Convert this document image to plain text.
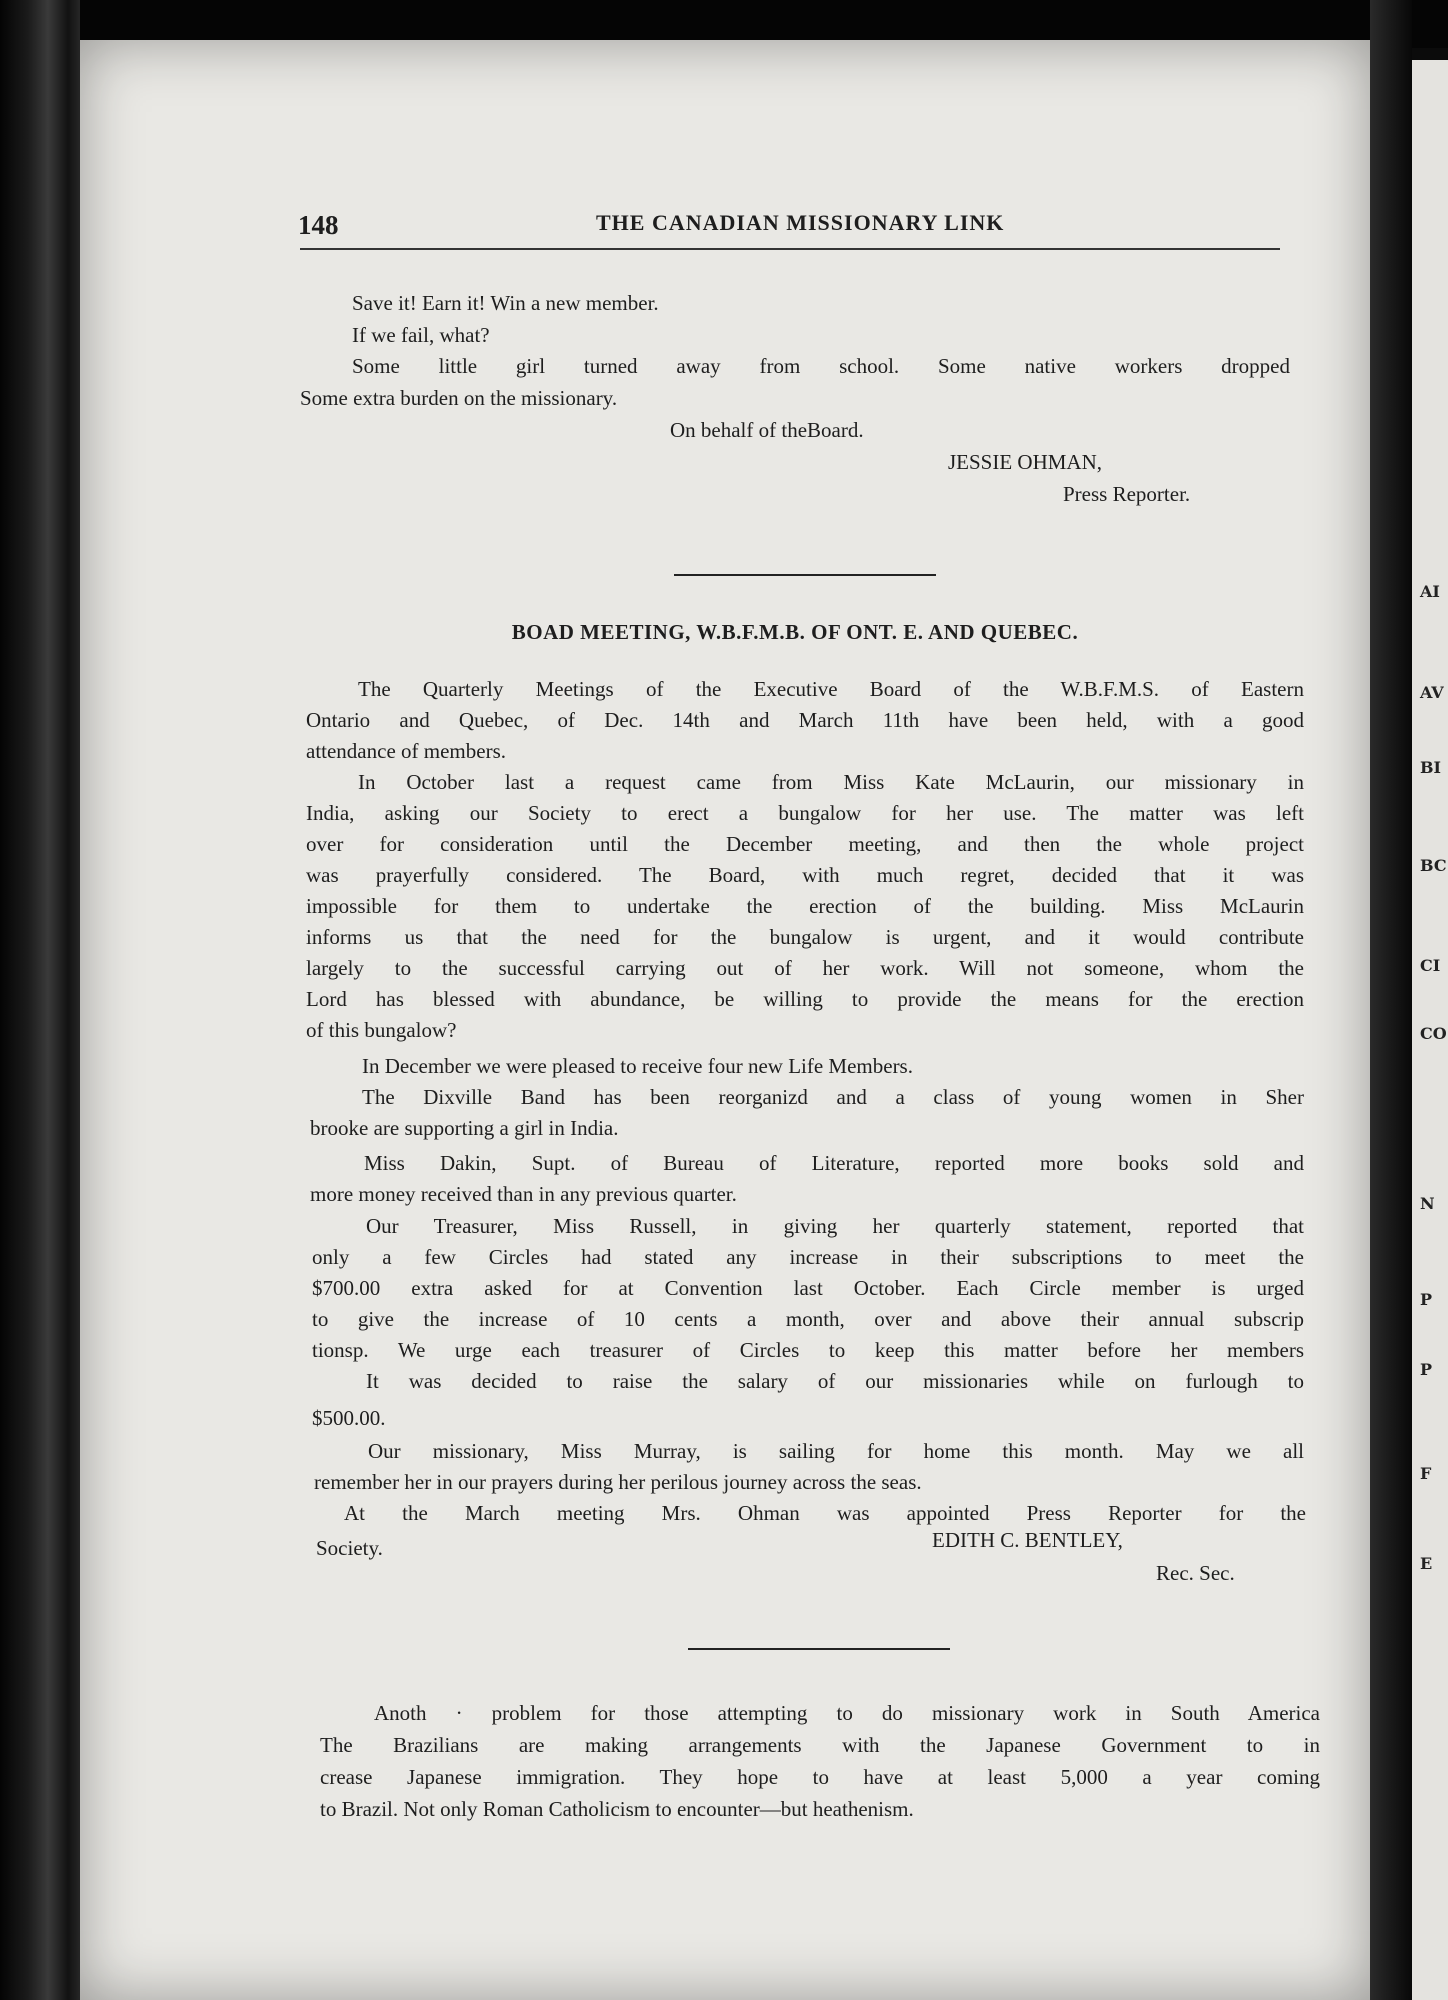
AI
AV
BI
BC
CI
CO
N
P
P
F
E
148	THE CANADIAN MISSIONARY LINK
Save it! Earn it! Win a new member.
If we fail, what?
Some little girl turned away from school. Some native workers dropped
Some extra burden on the missionary.
On behalf of theBoard.
JESSIE OHMAN,
Press Reporter.
BOAD MEETING, W.B.F.M.B. OF ONT. E. AND QUEBEC.
The Quarterly Meetings of the Executive Board of the W.B.F.M.S. of Eastern
Ontario and Quebec, of Dec. 14th and March 11th have been held, with a good
attendance of members.
In October last a request came from Miss Kate McLaurin, our missionary in
India, asking our Society to erect a bungalow for her use. The matter was left
over for consideration until the December meeting, and then the whole project
was prayerfully considered. The Board, with much regret, decided that it was
impossible for them to undertake the erection of the building. Miss McLaurin
informs us that the need for the bungalow is urgent, and it would contribute
largely to the successful carrying out of her work. Will not someone, whom the
Lord has blessed with abundance, be willing to provide the means for the erection
of this bungalow?
In December we were pleased to receive four new Life Members.
The Dixville Band has been reorganizd and a class of young women in Sher
brooke are supporting a girl in India.
Miss Dakin, Supt. of Bureau of Literature, reported more books sold and
more money received than in any previous quarter.
Our Treasurer, Miss Russell, in giving her quarterly statement, reported that
only a few Circles had stated any increase in their subscriptions to meet the
$700.00 extra asked for at Convention last October. Each Circle member is urged
to give the increase of 10 cents a month, over and above their annual subscrip
tionsp. We urge each treasurer of Circles to keep this matter before her members
It was decided to raise the salary of our missionaries while on furlough to
$500.00.
Our missionary, Miss Murray, is sailing for home this month. May we all
remember her in our prayers during her perilous journey across the seas.
At the March meeting Mrs. Ohman was appointed Press Reporter for the
Society.	EDITH C. BENTLEY,
Rec. Sec.
Anoth · problem for those attempting to do missionary work in South America
The Brazilians are making arrangements with the Japanese Government to in
crease Japanese immigration. They hope to have at least 5,000 a year coming
to Brazil. Not only Roman Catholicism to encounter—but heathenism.
